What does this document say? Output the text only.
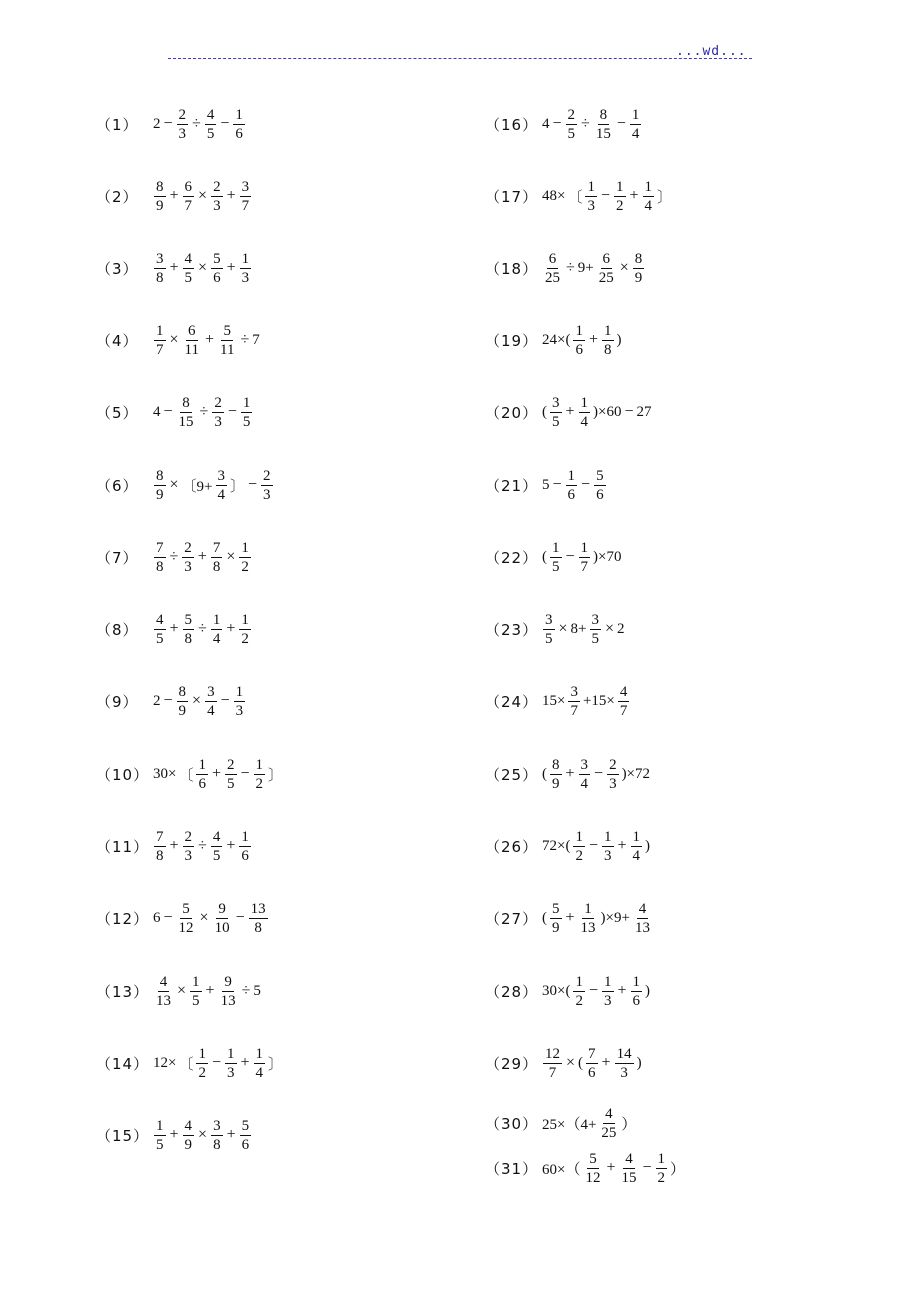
...wd...
（1） $2 - \frac{2}{3} \div \frac{4}{5} - \frac{1}{6}$
（2）	$\frac{8}{9} + \frac{6}{7} \times \frac{2}{3} + \frac{3}{7}$
（3）	$\frac{3}{8} + \frac{4}{5} \times \frac{5}{6} + \frac{1}{3}$
（4）	$\frac{1}{7} \times \frac{6}{11} + \frac{5}{11} \div 7$
（5） $4 - \frac{8}{15} \div \frac{2}{3} - \frac{1}{5}$
（6）	$\frac{8}{9}$ × 〔$9+ \frac{3}{4}$ 〕 − $\frac{2}{3}$
（7）	$\frac{7}{8} \div \frac{2}{3} + \frac{7}{8} \times \frac{1}{2}$
（8）	$\frac{4}{5} + \frac{5}{8} \div \frac{1}{4} + \frac{1}{2}$
（9） $2 - \frac{8}{9} \times \frac{3}{4} - \frac{1}{3}$
（10） 30× 〔 $\frac{1}{6} + \frac{2}{5} - \frac{1}{2}$ 〕
$(11) \frac{7}{8} + \frac{2}{3} \div \frac{4}{5} + \frac{1}{6}$
（12） $6 - \frac{5}{12} \times \frac{9}{10} - \frac{13}{8}$
$(13) \frac{4}{13} \times \frac{1}{5} + \frac{9}{13} \div 5$
（14） 12× 〔 $\frac{1}{2} - \frac{1}{3} + \frac{1}{4}$ 〕
$(15) \frac{1}{5} + \frac{4}{9} \times \frac{3}{8} + \frac{5}{6}$
（16） $4 - \frac{2}{5} \div \frac{8}{15} - \frac{1}{4}$
（17） 48× 〔 $\frac{1}{3} - \frac{1}{2} + \frac{1}{4}$ 〕
$(18) \frac{6}{25} \div 9+ \frac{6}{25} \times \frac{8}{9}$
（19） $24\times( \frac{1}{6} + \frac{1}{8}$ )
（20） ( $\frac{3}{5} + \frac{1}{4} )\times 60 - 27$
（21） $5 - \frac{1}{6} - \frac{5}{6}$
（22） ( $\frac{1}{5} - \frac{1}{7} )\times 70$
$(23) \frac{3}{5} \times 8+ \frac{3}{5} \times 2$
（24） $15\times \frac{3}{7} +15\times \frac{4}{7}$
（25） ( $\frac{8}{9} + \frac{3}{4} - \frac{2}{3} )\times 72$
（26） $72\times( \frac{1}{2} - \frac{1}{3} + \frac{1}{4}$ )
（27） ( $\frac{5}{9} + \frac{1}{13} )\times 9+ \frac{4}{13}$
（28） $30\times( \frac{1}{2} - \frac{1}{3} + \frac{1}{6}$ )
$(29) \frac{12}{7}$ × ( $\frac{7}{6} + \frac{14}{3}$ )
（30） $25\times(4+ \frac{4}{25}$ ）
（31） $60\times( \frac{5}{12} + \frac{4}{15} - \frac{1}{2}$ ）
